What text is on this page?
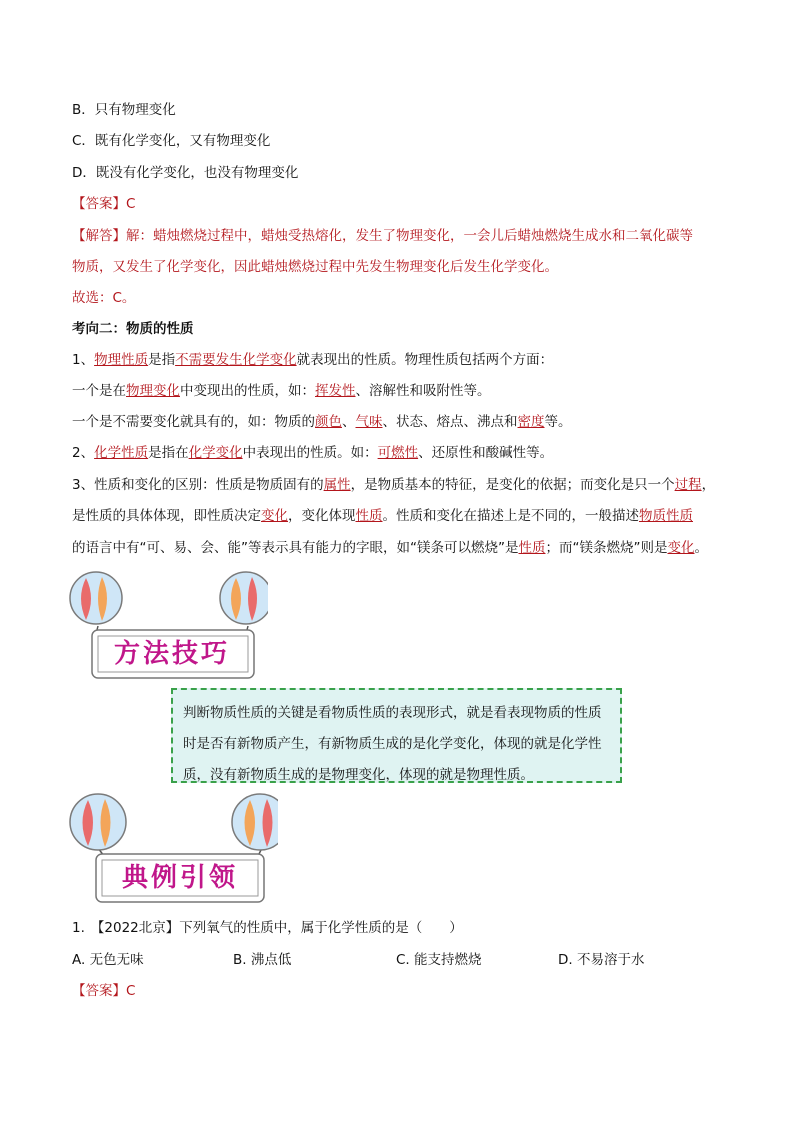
B．只有物理变化
C．既有化学变化，又有物理变化
D．既没有化学变化，也没有物理变化
【答案】C
【解答】解：蜡烛燃烧过程中，蜡烛受热熔化，发生了物理变化，一会儿后蜡烛燃烧生成水和二氧化碳等
物质，又发生了化学变化，因此蜡烛燃烧过程中先发生物理变化后发生化学变化。
故选：C。
考向二：物质的性质
1、物理性质是指不需要发生化学变化就表现出的性质。物理性质包括两个方面：
一个是在物理变化中变现出的性质，如：挥发性、溶解性和吸附性等。
一个是不需要变化就具有的，如：物质的颜色、气味、状态、熔点、沸点和密度等。
2、化学性质是指在化学变化中表现出的性质。如：可燃性、还原性和酸碱性等。
3、性质和变化的区别：性质是物质固有的属性，是物质基本的特征，是变化的依据；而变化是只一个过程，
是性质的具体体现，即性质决定变化，变化体现性质。性质和变化在描述上是不同的，一般描述物质性质
的语言中有“可、易、会、能”等表示具有能力的字眼，如“镁条可以燃烧”是性质；而“镁条燃烧”则是变化。
方法技巧
判断物质性质的关键是看物质性质的表现形式，就是看表现物质的性质
时是否有新物质产生，有新物质生成的是化学变化，体现的就是化学性
质，没有新物质生成的是物理变化，体现的就是物理性质。
典例引领
1. 【2022北京】下列氧气的性质中，属于化学性质的是（　　）
A. 无色无味	B. 沸点低	C. 能支持燃烧	D. 不易溶于水
【答案】C
